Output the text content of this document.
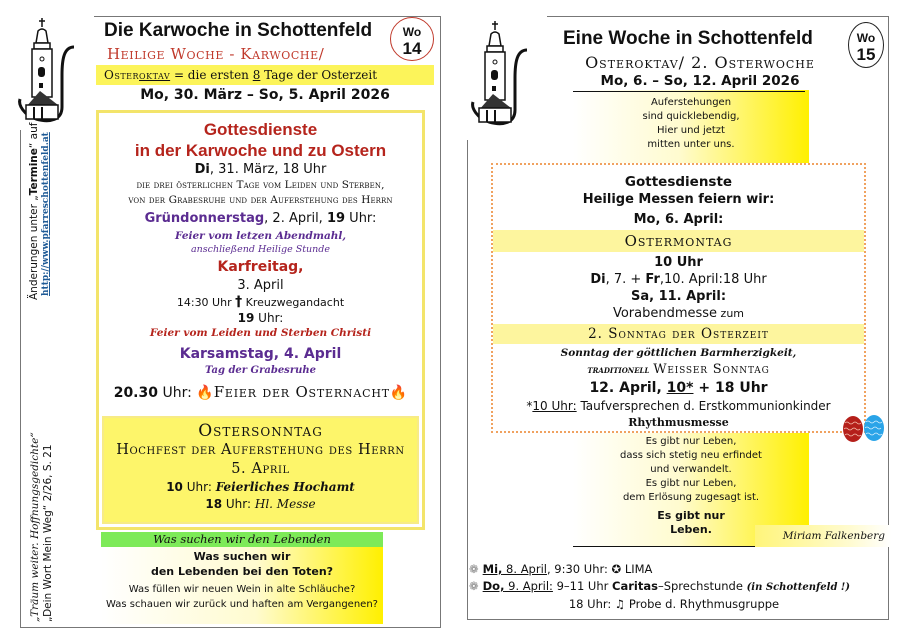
Die Karwoche in Schottenfeld
Heilige Woche - Karwoche/
Wo
14
Osteroktav = die ersten 8 Tage der Osterzeit
Mo, 30. März – So, 5. April 2026
Gottesdienste
in der Karwoche und zu Ostern
Di, 31. März, 18 Uhr
die drei österlichen Tage vom Leiden und Sterben,
von der Grabesruhe und der Auferstehung des Herrn
Gründonnerstag, 2. April, 19 Uhr:
Feier vom letzen Abendmahl,
anschließend Heilige Stunde
Karfreitag,
3. April
14:30 Uhr † Kreuzwegandacht
19 Uhr:
Feier vom Leiden und Sterben Christi
Karsamstag, 4. April
Tag der Grabesruhe
20.30 Uhr: 🔥Feier der Osternacht🔥
Ostersonntag
Hochfest der Auferstehung des Herrn
5. April
10 Uhr: Feierliches Hochamt
18 Uhr: Hl. Messe
Änderungen unter „Termine“ auf http://www.pfarreschottenfeld.at
„Träum weiter. Hoffnungsgedichte“ „Dein Wort Mein Weg“ 2/26, S. 21	Was suchen wir den Lebenden
Was suchen wir
den Lebenden bei den Toten?
Was füllen wir neuen Wein in alte Schläuche?
Was schauen wir zurück und haften am Vergangenen?
Eine Woche in Schottenfeld
Osteroktav/ 2. Osterwoche
Wo
15
Mo, 6. – So, 12. April 2026
Auferstehungen
sind quicklebendig,
Hier und jetzt
mitten unter uns.
Gottesdienste
Heilige Messen feiern wir:
Mo, 6. April:
Ostermontag
10 Uhr
Di, 7. + Fr,10. April:18 Uhr
Sa, 11. April:
Vorabendmesse zum
2. Sonntag der Osterzeit
Sonntag der göttlichen Barmherzigkeit,
traditionell Weisser Sonntag
12. April, 10* + 18 Uhr
*10 Uhr: Taufversprechen d. Erstkommunionkinder
Rhythmusmesse
Es gibt nur Leben,
dass sich stetig neu erfindet
und verwandelt.
Es gibt nur Leben,
dem Erlösung zugesagt ist.
Es gibt nur
Leben.	Miriam Falkenberg
❁ Mi, 8. April, 9:30 Uhr: ✪ LIMA
❁ Do, 9. April: 9–11 Uhr Caritas–Sprechstunde (in Schottenfeld !)
18 Uhr: ♫ Probe d. Rhythmusgruppe
